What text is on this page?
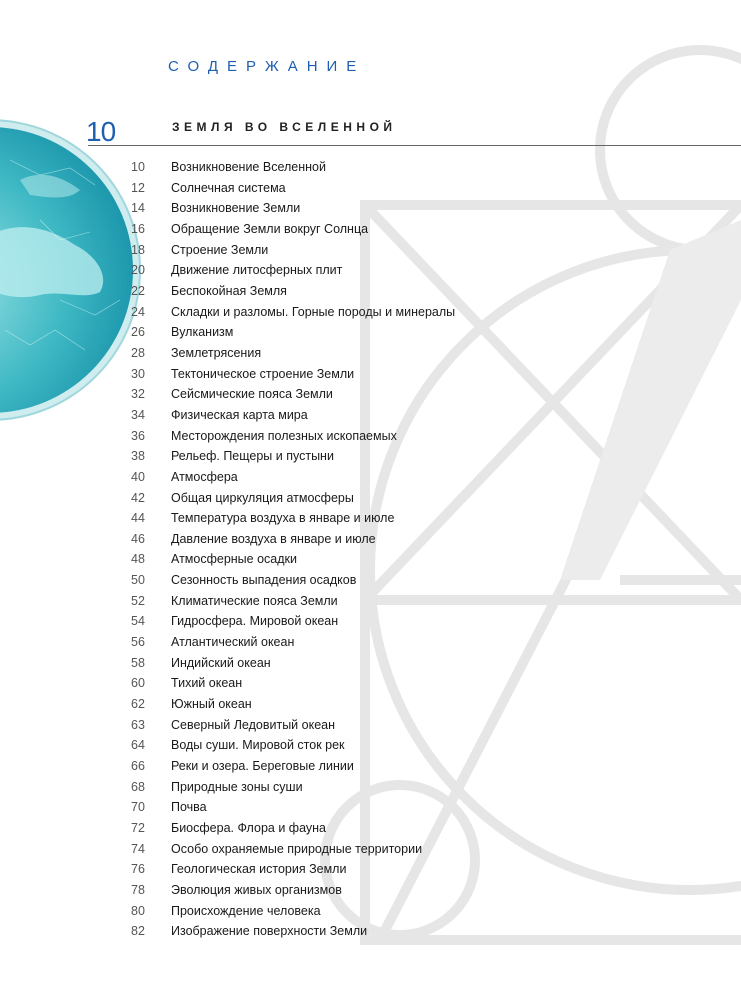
СОДЕРЖАНИЕ
10	ЗЕМЛЯ ВО ВСЕЛЕННОЙ
10	Возникновение Вселенной
12	Солнечная система
14	Возникновение Земли
16	Обращение Земли вокруг Солнца
18	Строение Земли
20	Движение литосферных плит
22	Беспокойная Земля
24	Складки и разломы. Горные породы и минералы
26	Вулканизм
28	Землетрясения
30	Тектоническое строение Земли
32	Сейсмические пояса Земли
34	Физическая карта мира
36	Месторождения полезных ископаемых
38	Рельеф. Пещеры и пустыни
40	Атмосфера
42	Общая циркуляция атмосферы
44	Температура воздуха в январе и июле
46	Давление воздуха в январе и июле
48	Атмосферные осадки
50	Сезонность выпадения осадков
52	Климатические пояса Земли
54	Гидросфера. Мировой океан
56	Атлантический океан
58	Индийский океан
60	Тихий океан
62	Южный океан
63	Северный Ледовитый океан
64	Воды суши. Мировой сток рек
66	Реки и озера. Береговые линии
68	Природные зоны суши
70	Почва
72	Биосфера. Флора и фауна
74	Особо охраняемые природные территории
76	Геологическая история Земли
78	Эволюция живых организмов
80	Происхождение человека
82	Изображение поверхности Земли
